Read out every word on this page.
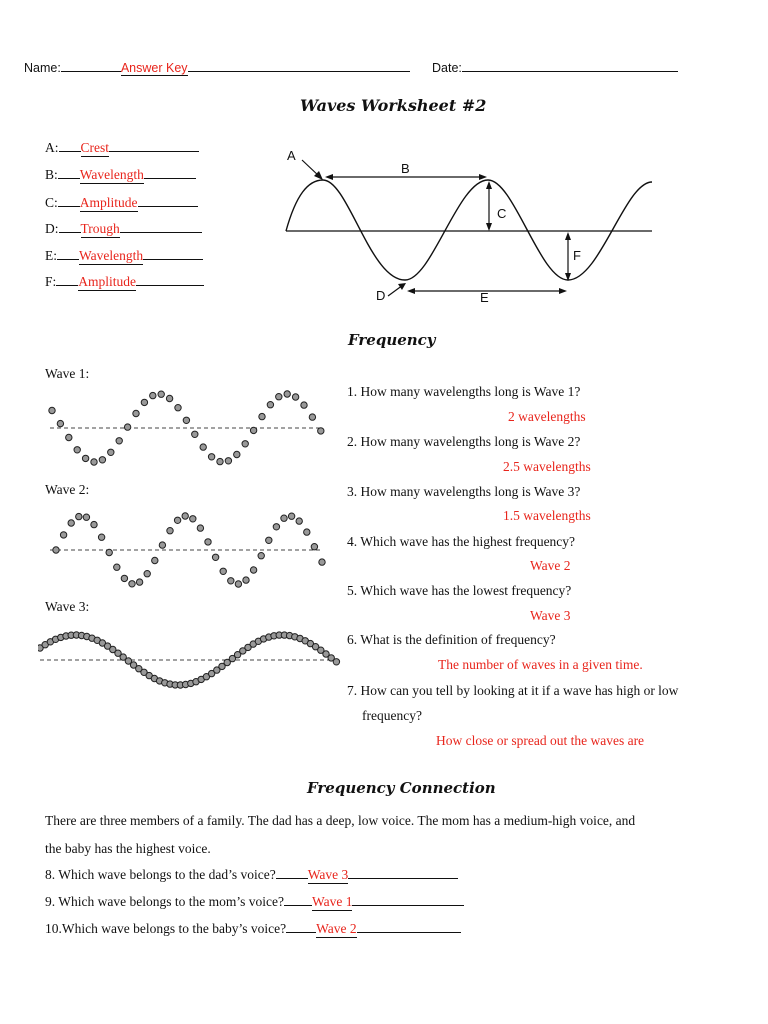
Name:	Answer Key	Date:
Waves Worksheet #2
A: Crest
B: Wavelength
C: Amplitude
D: Trough
E: Wavelength
F: Amplitude
A
B
C
D	E
F
Frequency
Wave 1:
Wave 2:
Wave 3:
1. How many wavelengths long is Wave 1?
2 wavelengths
2. How many wavelengths long is Wave 2?
2.5 wavelengths
3. How many wavelengths long is Wave 3?
1.5 wavelengths
4. Which wave has the highest frequency?
Wave 2
5. Which wave has the lowest frequency?
Wave 3
6. What is the definition of frequency?
The number of waves in a given time.
7. How can you tell by looking at it if a wave has high or low
frequency?
How close or spread out the waves are
Frequency Connection
There are three members of a family. The dad has a deep, low voice. The mom has a medium-high voice, and
the baby has the highest voice.
8. Which wave belongs to the dad’s voice? Wave 3
9. Which wave belongs to the mom’s voice? Wave 1
10.Which wave belongs to the baby’s voice? Wave 2
